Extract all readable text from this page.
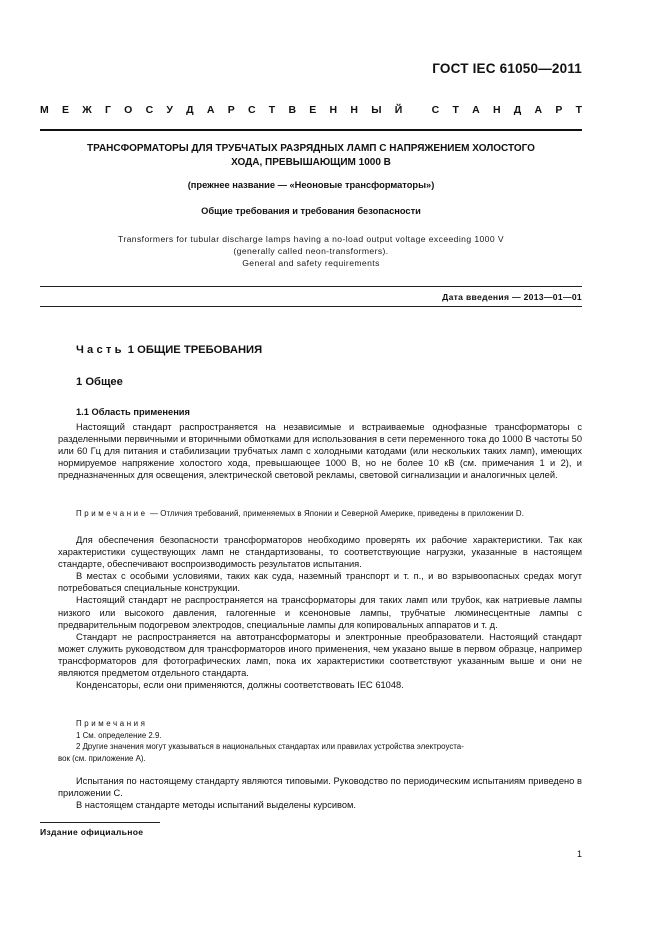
ГОСТ IEC 61050—2011
М Е Ж Г О С У Д А Р С Т В Е Н Н Ы Й
	С Т А Н Д А Р Т
ТРАНСФОРМАТОРЫ ДЛЯ ТРУБЧАТЫХ РАЗРЯДНЫХ ЛАМП С НАПРЯЖЕНИЕМ ХОЛОСТОГО
ХОДА, ПРЕВЫШАЮЩИМ 1000 В
(прежнее название — «Неоновые трансформаторы»)
Общие требования и требования безопасности
Transformers for tubular discharge lamps having a no-load output voltage exceeding 1000 V
(generally called neon-transformers).
General and safety requirements
Дата введения — 2013—01—01
Часть 1 ОБЩИЕ ТРЕБОВАНИЯ
1 Общее
1.1 Область применения

Настоящий стандарт распространяется на независимые и встраиваемые однофазные трансформаторы с разделенными первичными и вторичными обмотками для использования в сети переменного тока до 1000 В частоты 50 или 60 Гц для питания и стабилизации трубчатых ламп с холодными катодами (или нескольких таких ламп), имеющих нормируемое напряжение холостого хода, превышающее 1000 В, но не более 10 кВ (см. примечания 1 и 2), и предназначенных для освещения, электрической световой рекламы, световой сигнализации и аналогичных целей.

Примечание — Отличия требований, применяемых в Японии и Северной Америке, приведены в приложении D.

Для обеспечения безопасности трансформаторов необходимо проверять их рабочие характеристики. Так как характеристики существующих ламп не стандартизованы, то соответствующие нагрузки, указанные в настоящем стандарте, обеспечивают воспроизводимость результатов испытания.

В местах с особыми условиями, таких как суда, наземный транспорт и т. п., и во взрывоопасных средах могут потребоваться специальные конструкции.

Настоящий стандарт не распространяется на трансформаторы для таких ламп или трубок, как натриевые лампы низкого или высокого давления, галогенные и ксеноновые лампы, трубчатые люминесцентные лампы с предварительным подогревом электродов, специальные лампы для копировальных аппаратов и т. д.

Стандарт не распространяется на автотрансформаторы и электронные преобразователи. Настоящий стандарт может служить руководством для трансформаторов иного применения, чем указано выше в первом образце, например трансформаторов для фотографических ламп, пока их характеристики соответствуют указанным выше и они не являются предметом отдельного стандарта.

Конденсаторы, если они применяются, должны соответствовать IEC 61048.

Примечания
1 См. определение 2.9.
2 Другие значения могут указываться в национальных стандартах или правилах устройства электроуста-
вок (см. приложение А).

Испытания по настоящему стандарту являются типовыми. Руководство по периодическим испытаниям приведено в приложении С.

В настоящем стандарте методы испытаний выделены курсивом.

Издание официальное
1
